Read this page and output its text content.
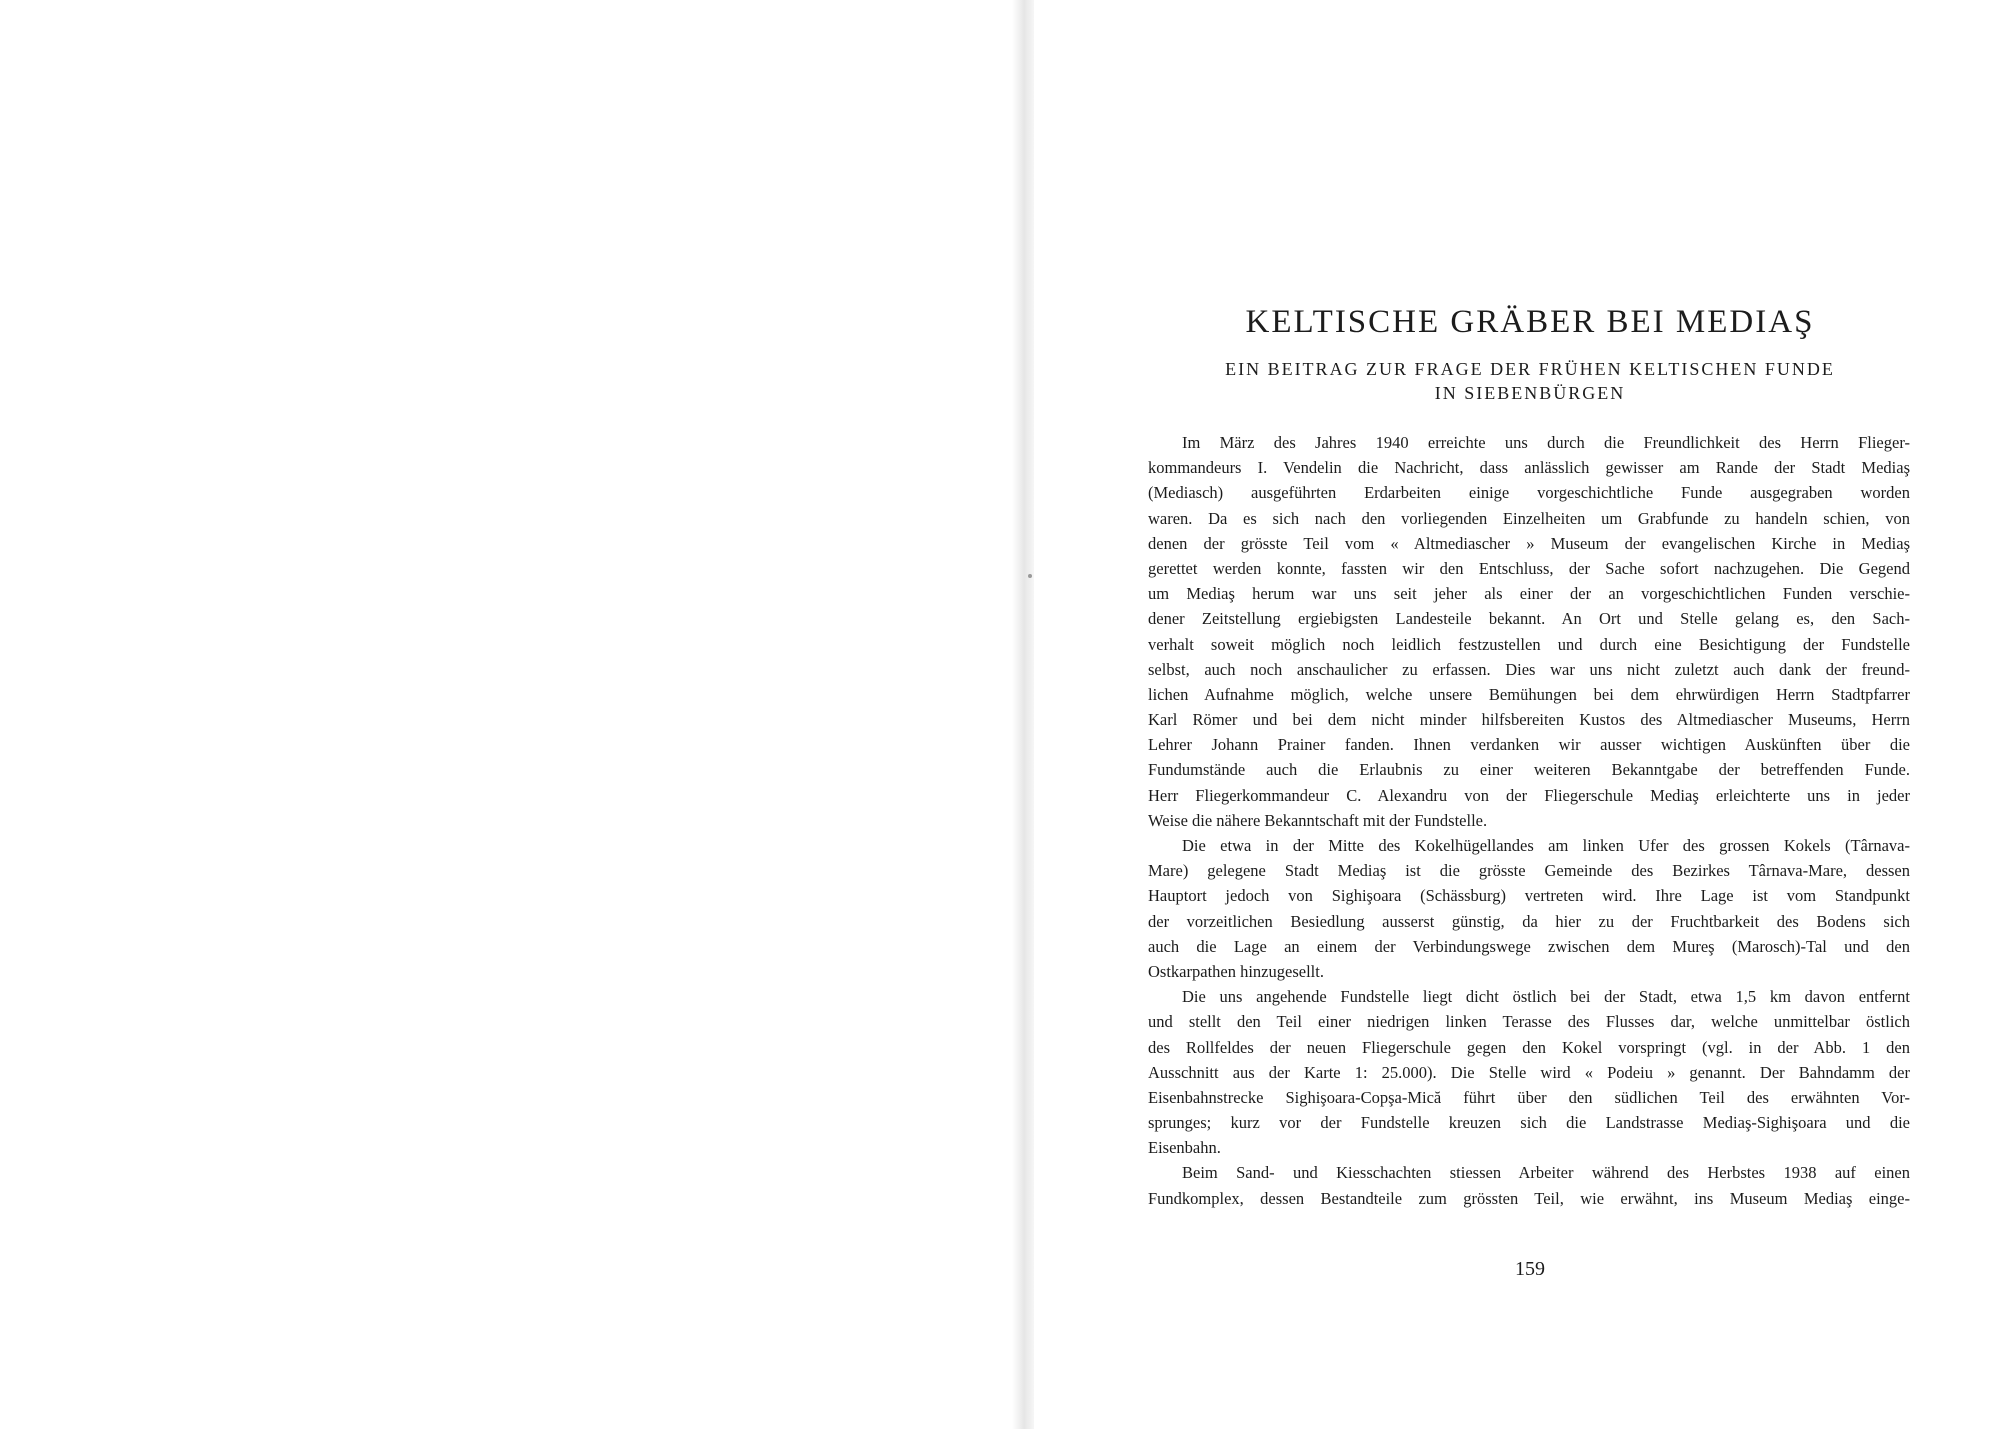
KELTISCHE GRÄBER BEI MEDIAŞ
EIN BEITRAG ZUR FRAGE DER FRÜHEN KELTISCHEN FUNDE
IN SIEBENBÜRGEN
Im März des Jahres 1940 erreichte uns durch die Freundlichkeit des Herrn Flieger-
kommandeurs I. Vendelin die Nachricht, dass anlässlich gewisser am Rande der Stadt Mediaş
(Mediasch) ausgeführten Erdarbeiten einige vorgeschichtliche Funde ausgegraben worden
waren. Da es sich nach den vorliegenden Einzelheiten um Grabfunde zu handeln schien, von
denen der grösste Teil vom « Altmediascher » Museum der evangelischen Kirche in Mediaş
gerettet werden konnte, fassten wir den Entschluss, der Sache sofort nachzugehen. Die Gegend
um Mediaş herum war uns seit jeher als einer der an vorgeschichtlichen Funden verschie-
dener Zeitstellung ergiebigsten Landesteile bekannt. An Ort und Stelle gelang es, den Sach-
verhalt soweit möglich noch leidlich festzustellen und durch eine Besichtigung der Fundstelle
selbst, auch noch anschaulicher zu erfassen. Dies war uns nicht zuletzt auch dank der freund-
lichen Aufnahme möglich, welche unsere Bemühungen bei dem ehrwürdigen Herrn Stadtpfarrer
Karl Römer und bei dem nicht minder hilfsbereiten Kustos des Altmediascher Museums, Herrn
Lehrer Johann Prainer fanden. Ihnen verdanken wir ausser wichtigen Auskünften über die
Fundumstände auch die Erlaubnis zu einer weiteren Bekanntgabe der betreffenden Funde.
Herr Fliegerkommandeur C. Alexandru von der Fliegerschule Mediaş erleichterte uns in jeder
Weise die nähere Bekanntschaft mit der Fundstelle.
Die etwa in der Mitte des Kokelhügellandes am linken Ufer des grossen Kokels (Târnava-
Mare) gelegene Stadt Mediaş ist die grösste Gemeinde des Bezirkes Târnava-Mare, dessen
Hauptort jedoch von Sighişoara (Schässburg) vertreten wird. Ihre Lage ist vom Standpunkt
der vorzeitlichen Besiedlung ausserst günstig, da hier zu der Fruchtbarkeit des Bodens sich
auch die Lage an einem der Verbindungswege zwischen dem Mureş (Marosch)-Tal und den
Ostkarpathen hinzugesellt.
Die uns angehende Fundstelle liegt dicht östlich bei der Stadt, etwa 1,5 km davon entfernt
und stellt den Teil einer niedrigen linken Terasse des Flusses dar, welche unmittelbar östlich
des Rollfeldes der neuen Fliegerschule gegen den Kokel vorspringt (vgl. in der Abb. 1 den
Ausschnitt aus der Karte 1: 25.000). Die Stelle wird « Podeiu » genannt. Der Bahndamm der
Eisenbahnstrecke Sighişoara-Copşa-Mică führt über den südlichen Teil des erwähnten Vor-
sprunges; kurz vor der Fundstelle kreuzen sich die Landstrasse Mediaş-Sighişoara und die
Eisenbahn.
Beim Sand- und Kiesschachten stiessen Arbeiter während des Herbstes 1938 auf einen
Fundkomplex, dessen Bestandteile zum grössten Teil, wie erwähnt, ins Museum Mediaş einge-
159
